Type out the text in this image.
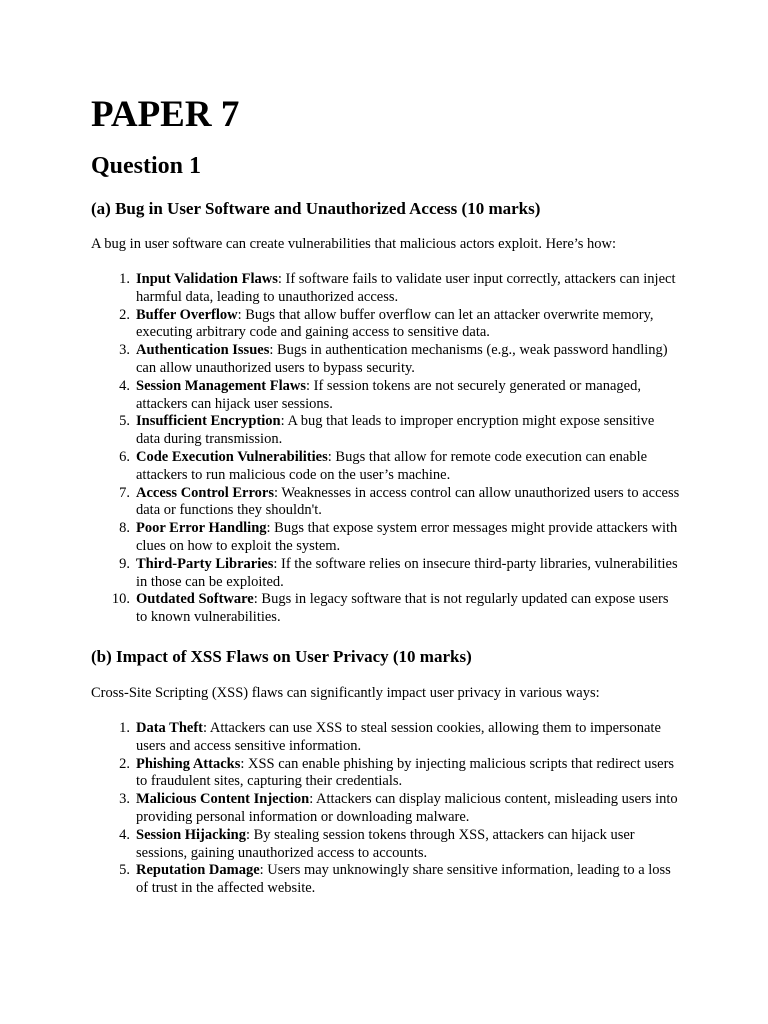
PAPER 7
Question 1
(a) Bug in User Software and Unauthorized Access (10 marks)

A bug in user software can create vulnerabilities that malicious actors exploit. Here’s how:

1. Input Validation Flaws: If software fails to validate user input correctly, attackers can inject harmful data, leading to unauthorized access.
2. Buffer Overflow: Bugs that allow buffer overflow can let an attacker overwrite memory, executing arbitrary code and gaining access to sensitive data.
3. Authentication Issues: Bugs in authentication mechanisms (e.g., weak password handling) can allow unauthorized users to bypass security.
4. Session Management Flaws: If session tokens are not securely generated or managed, attackers can hijack user sessions.
5. Insufficient Encryption: A bug that leads to improper encryption might expose sensitive data during transmission.
6. Code Execution Vulnerabilities: Bugs that allow for remote code execution can enable attackers to run malicious code on the user’s machine.
7. Access Control Errors: Weaknesses in access control can allow unauthorized users to access data or functions they shouldn't.
8. Poor Error Handling: Bugs that expose system error messages might provide attackers with clues on how to exploit the system.
9. Third-Party Libraries: If the software relies on insecure third-party libraries, vulnerabilities in those can be exploited.
10. Outdated Software: Bugs in legacy software that is not regularly updated can expose users to known vulnerabilities.
(b) Impact of XSS Flaws on User Privacy (10 marks)

Cross-Site Scripting (XSS) flaws can significantly impact user privacy in various ways:

1. Data Theft: Attackers can use XSS to steal session cookies, allowing them to impersonate users and access sensitive information.
2. Phishing Attacks: XSS can enable phishing by injecting malicious scripts that redirect users to fraudulent sites, capturing their credentials.
3. Malicious Content Injection: Attackers can display malicious content, misleading users into providing personal information or downloading malware.
4. Session Hijacking: By stealing session tokens through XSS, attackers can hijack user sessions, gaining unauthorized access to accounts.
5. Reputation Damage: Users may unknowingly share sensitive information, leading to a loss of trust in the affected website.
